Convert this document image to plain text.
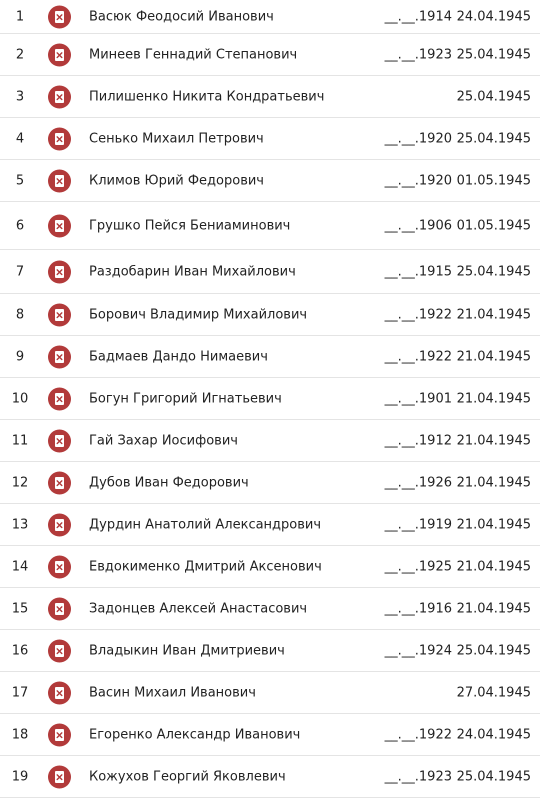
1	Васюк Феодосий Иванович	__.__.1914 24.04.1945
2	Минеев Геннадий Степанович	__.__.1923 25.04.1945
3	Пилишенко Никита Кондратьевич	25.04.1945
4	Сенько Михаил Петрович	__.__.1920 25.04.1945
5	Климов Юрий Федорович	__.__.1920 01.05.1945
6	Грушко Пейся Бениаминович	__.__.1906 01.05.1945
7	Раздобарин Иван Михайлович	__.__.1915 25.04.1945
8	Борович Владимир Михайлович	__.__.1922 21.04.1945
9	Бадмаев Дандо Нимаевич	__.__.1922 21.04.1945
10	Богун Григорий Игнатьевич	__.__.1901 21.04.1945
11	Гай Захар Иосифович	__.__.1912 21.04.1945
12	Дубов Иван Федорович	__.__.1926 21.04.1945
13	Дурдин Анатолий Александрович	__.__.1919 21.04.1945
14	Евдокименко Дмитрий Аксенович	__.__.1925 21.04.1945
15	Задонцев Алексей Анастасович	__.__.1916 21.04.1945
16	Владыкин Иван Дмитриевич	__.__.1924 25.04.1945
17	Васин Михаил Иванович	27.04.1945
18	Егоренко Александр Иванович	__.__.1922 24.04.1945
19	Кожухов Георгий Яковлевич	__.__.1923 25.04.1945
